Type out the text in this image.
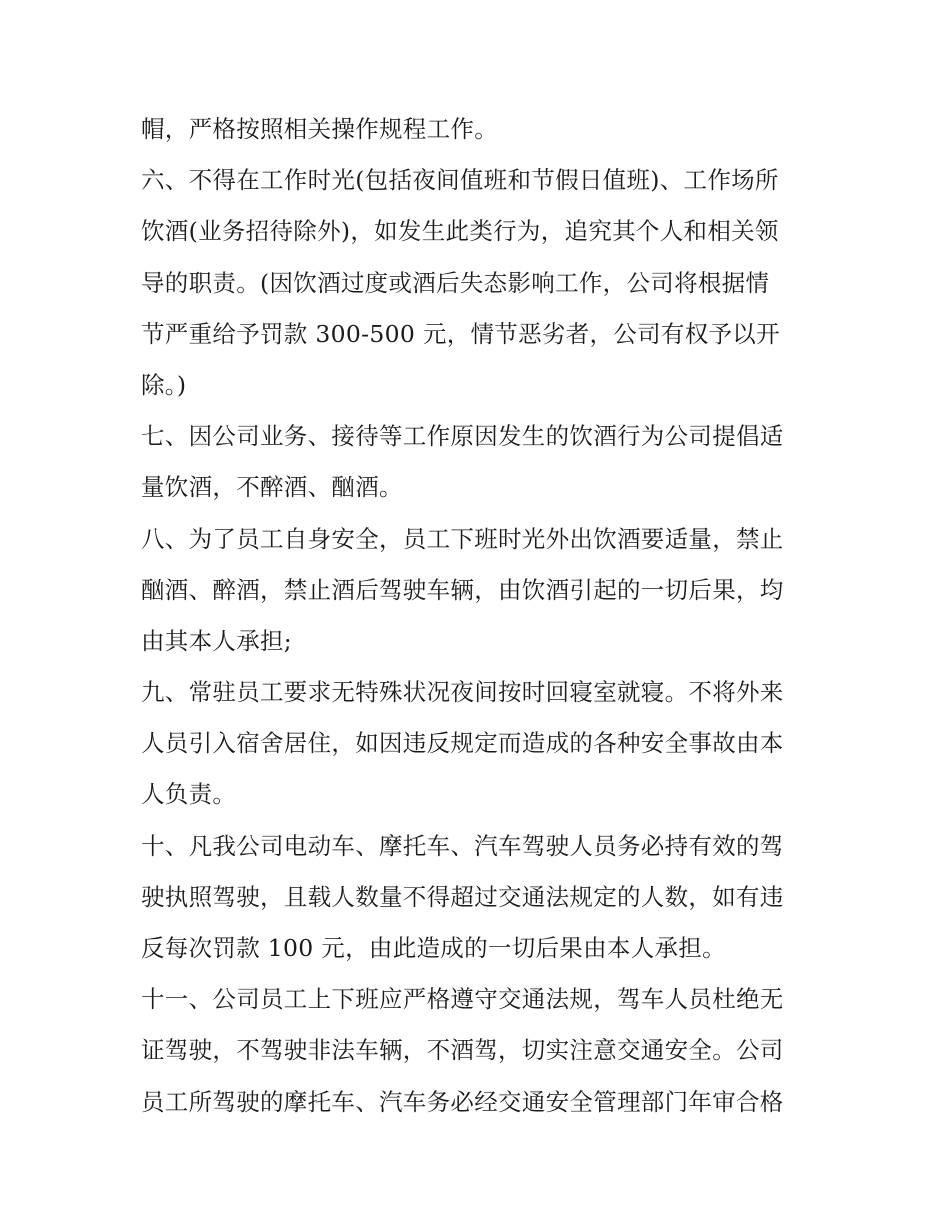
帽，严格按照相关操作规程工作。
六、不得在工作时光(包括夜间值班和节假日值班)、工作场所
饮酒(业务招待除外)，如发生此类行为，追究其个人和相关领
导的职责。(因饮酒过度或酒后失态影响工作，公司将根据情
节严重给予罚款 300-500 元，情节恶劣者，公司有权予以开
除。)
七、因公司业务、接待等工作原因发生的饮酒行为公司提倡适
量饮酒，不醉酒、酗酒。
八、为了员工自身安全，员工下班时光外出饮酒要适量，禁止
酗酒、醉酒，禁止酒后驾驶车辆，由饮酒引起的一切后果，均
由其本人承担;
九、常驻员工要求无特殊状况夜间按时回寝室就寝。不将外来
人员引入宿舍居住，如因违反规定而造成的各种安全事故由本
人负责。
十、凡我公司电动车、摩托车、汽车驾驶人员务必持有效的驾
驶执照驾驶，且载人数量不得超过交通法规定的人数，如有违
反每次罚款 100 元，由此造成的一切后果由本人承担。
十一、公司员工上下班应严格遵守交通法规，驾车人员杜绝无
证驾驶，不驾驶非法车辆，不酒驾，切实注意交通安全。公司
员工所驾驶的摩托车、汽车务必经交通安全管理部门年审合格
